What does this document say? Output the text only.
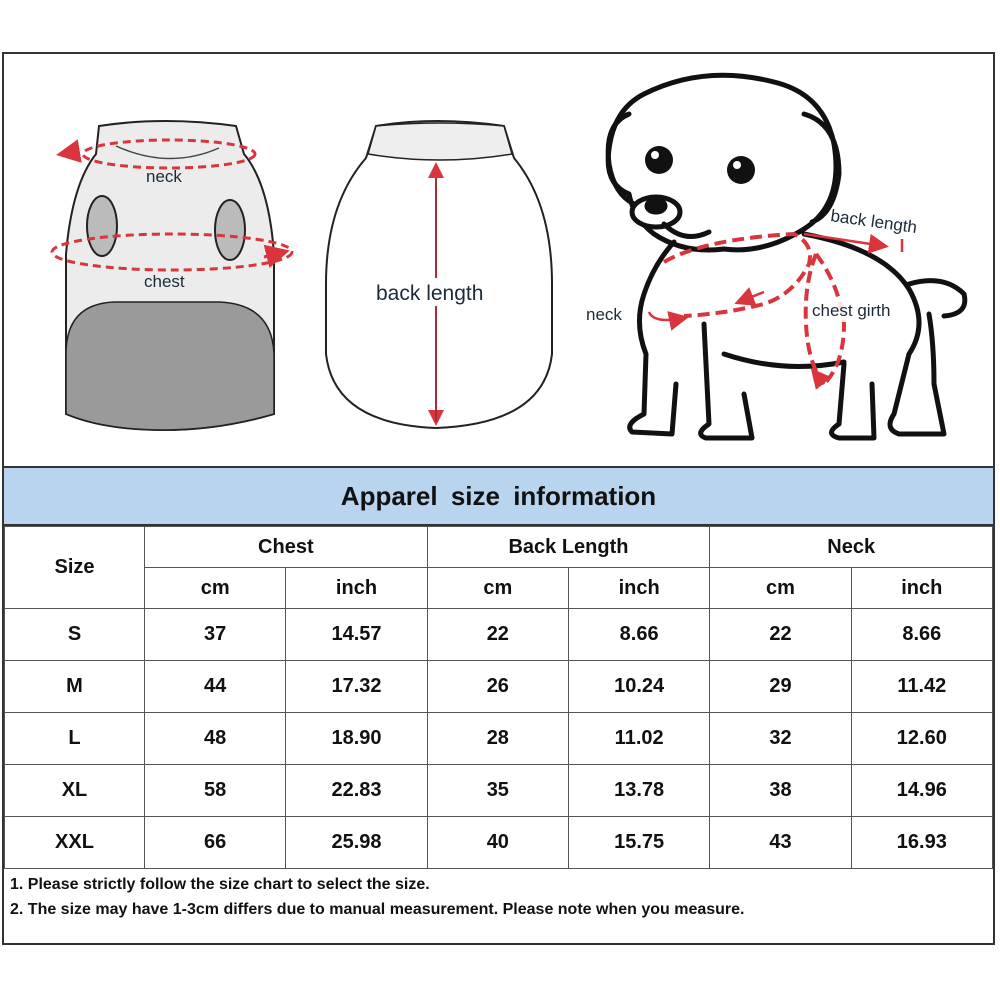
neck
chest
back length
back length
neck	chest girth
Apparel size information
Size	Chest		Back Length		Neck	
	cm	inch	cm	inch	cm	inch
S	37	14.57	22	8.66	22	8.66
M	44	17.32	26	10.24	29	11.42
L	48	18.90	28	11.02	32	12.60
XL	58	22.83	35	13.78	38	14.96
XXL	66	25.98	40	15.75	43	16.93
1. Please strictly follow the size chart to select the size.
2. The size may have 1-3cm differs due to manual measurement. Please note when you measure.
